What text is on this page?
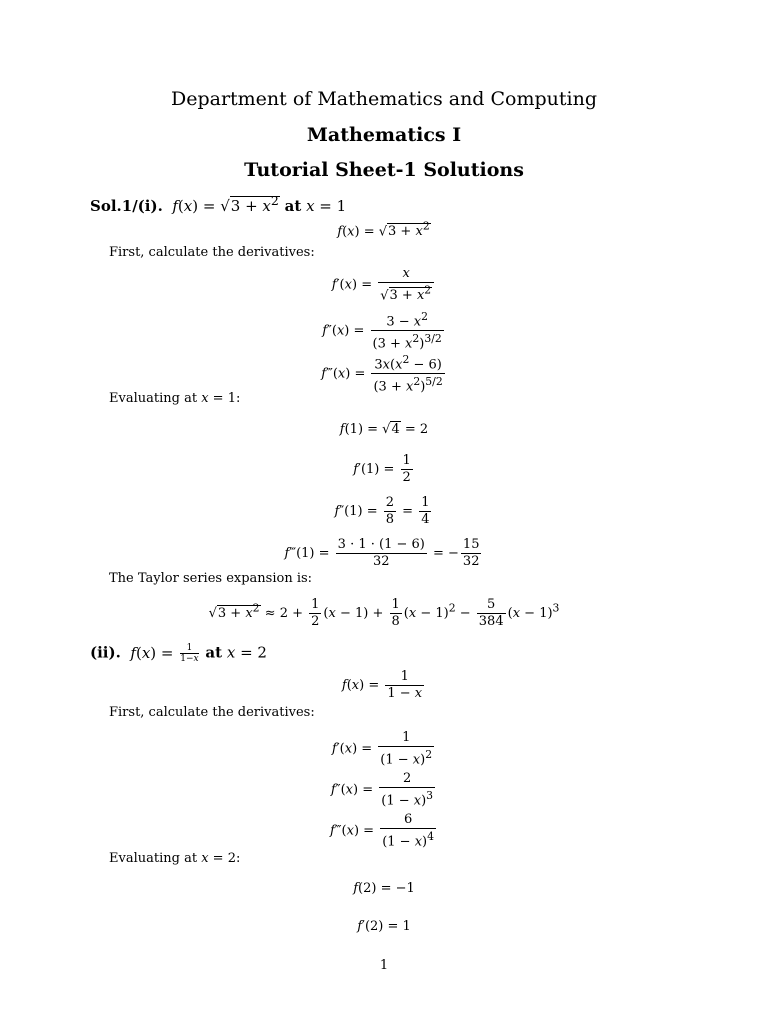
Department of Mathematics and Computing
Mathematics I
Tutorial Sheet-1 Solutions
Sol.1/(i). $f(x) = √3 + x^2$ at x = 1
$f(x) = √3 + x^2$
First, calculate the derivatives:
$f'(x) = \frac{x}{√3 + x^2}$
$f''(x) = \frac{3 - x^2}{(3 + x^2)^{3/2}}$
f‴(x) = $\frac{3x(x^2 - 6)}{(3 + x^2)^{5/2}}$
Evaluating at x = 1:
f(1) = √4 = 2
$f'(1) = \frac{1}{2}$
$f''(1) = \frac{2}{8} = \frac{1}{4}$
f‴(1) = $\frac{3 \cdot 1 \cdot (1 - 6)}{32}$ = − $\frac{15}{32}$
The Taylor series expansion is:
$√3 + x^2 \approx 2 + \frac{1}{2} (x - 1) + \frac{1}{8} (x - 1)^2 - \frac{5}{384} (x - 1)^3$
(ii). $f(x) = \frac{1}{1-x}$ at x = 2
$f(x) = \frac{1}{1 - x}$
First, calculate the derivatives:
$f'(x) = \frac{1}{(1 - x)^2}$
$f''(x) = \frac{2}{(1 - x)^3}$
f‴(x) = $\frac{6}{(1 - x)^4}$
Evaluating at x = 2:
f(2) = −1
f′(2) = 1
1
